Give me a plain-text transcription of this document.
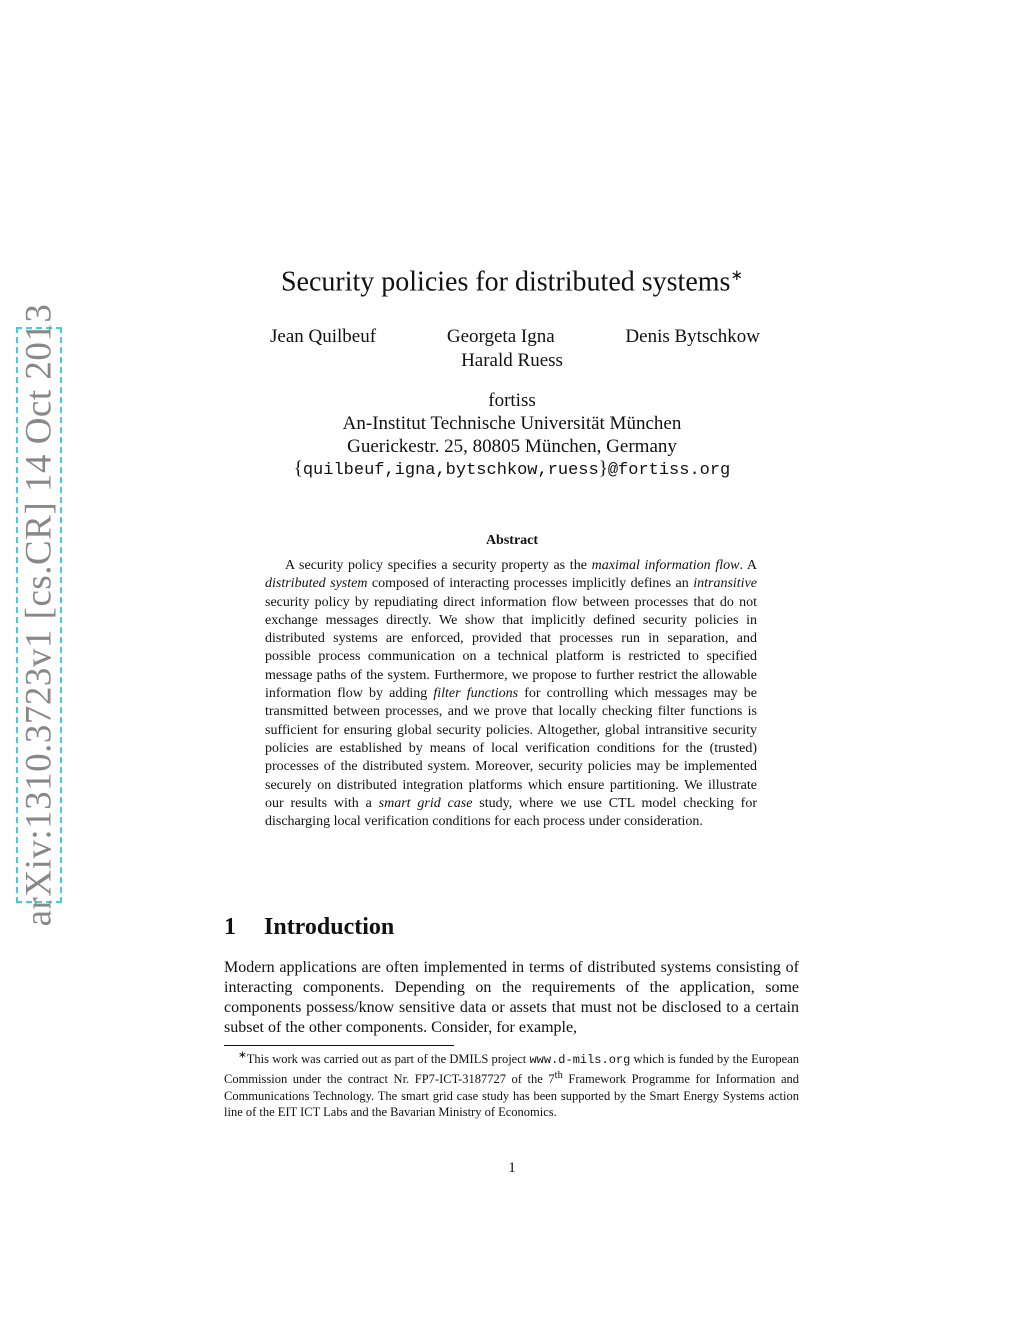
arXiv:1310.3723v1 [cs.CR] 14 Oct 2013
Security policies for distributed systems∗
Jean Quilbeuf	Georgeta Igna	Denis Bytschkow
Harald Ruess
fortiss
An-Institut Technische Universität München
Guerickestr. 25, 80805 München, Germany
{quilbeuf,igna,bytschkow,ruess}@fortiss.org
Abstract

A security policy specifies a security property as the maximal information flow. A distributed system composed of interacting processes implicitly defines an intransitive security policy by repudiating direct information flow between processes that do not exchange messages directly. We show that implicitly defined security policies in distributed systems are enforced, provided that processes run in separation, and possible process communication on a technical platform is restricted to specified message paths of the system. Furthermore, we propose to further restrict the allowable information flow by adding filter functions for controlling which messages may be transmitted between processes, and we prove that locally checking filter functions is sufficient for ensuring global security policies. Altogether, global intransitive security policies are established by means of local verification conditions for the (trusted) processes of the distributed system. Moreover, security policies may be implemented securely on distributed integration platforms which ensure partitioning. We illustrate our results with a smart grid case study, where we use CTL model checking for discharging local verification conditions for each process under consideration.

1 Introduction

Modern applications are often implemented in terms of distributed systems consisting of interacting components. Depending on the requirements of the application, some components possess/know sensitive data or assets that must not be disclosed to a certain subset of the other components. Consider, for example,

∗This work was carried out as part of the DMILS project www.d-mils.org which is funded by the European Commission under the contract Nr. FP7-ICT-3187727 of the 7th Framework Programme for Information and Communications Technology. The smart grid case study has been supported by the Smart Energy Systems action line of the EIT ICT Labs and the Bavarian Ministry of Economics.

1
